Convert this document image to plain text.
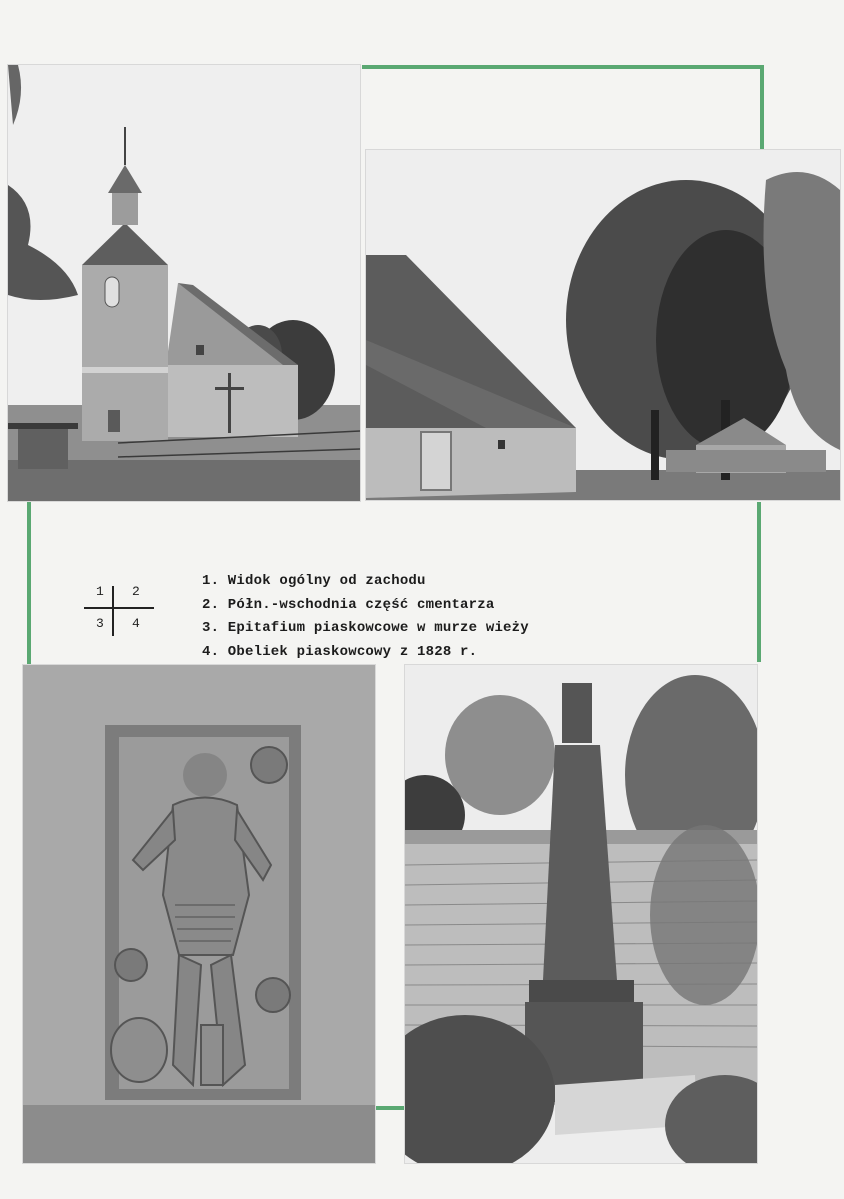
1 2
3 4
1. Widok ogólny od zachodu
2. Półn.-wschodnia część cmentarza
3. Epitafium piaskowcowe w murze wieży
4. Obeliek piaskowcowy z 1828 r.
